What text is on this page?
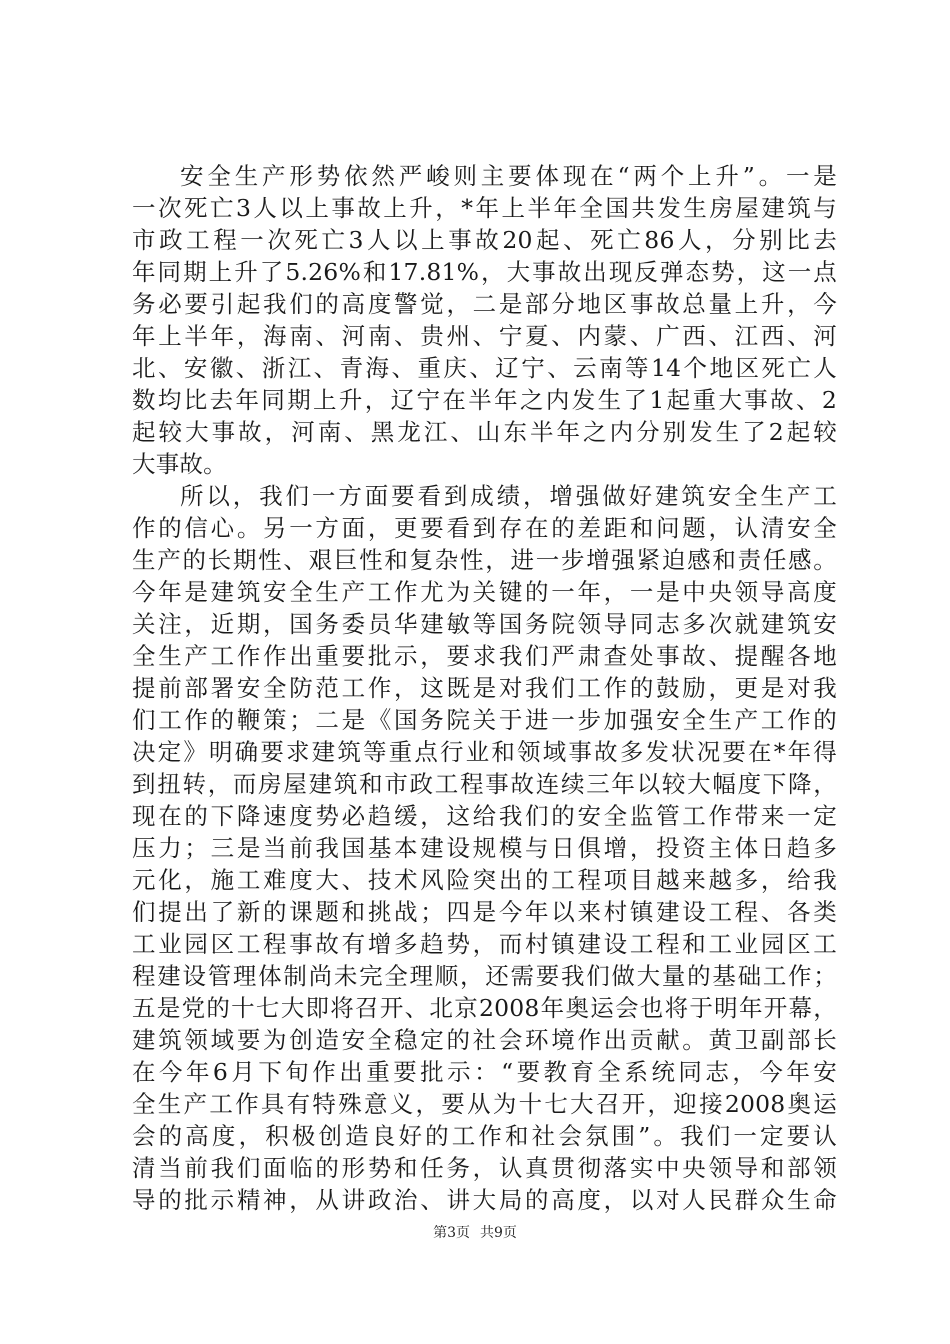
安全生产形势依然严峻则主要体现在“两个上升”。一是
一次死亡3人以上事故上升，*年上半年全国共发生房屋建筑与
市政工程一次死亡3人以上事故20起、死亡86人，分别比去
年同期上升了5.26%和17.81%，大事故出现反弹态势，这一点
务必要引起我们的高度警觉，二是部分地区事故总量上升，今
年上半年，海南、河南、贵州、宁夏、内蒙、广西、江西、河
北、安徽、浙江、青海、重庆、辽宁、云南等14个地区死亡人
数均比去年同期上升，辽宁在半年之内发生了1起重大事故、2
起较大事故，河南、黑龙江、山东半年之内分别发生了2起较
大事故。
所以，我们一方面要看到成绩，增强做好建筑安全生产工
作的信心。另一方面，更要看到存在的差距和问题，认清安全
生产的长期性、艰巨性和复杂性，进一步增强紧迫感和责任感。
今年是建筑安全生产工作尤为关键的一年，一是中央领导高度
关注，近期，国务委员华建敏等国务院领导同志多次就建筑安
全生产工作作出重要批示，要求我们严肃查处事故、提醒各地
提前部署安全防范工作，这既是对我们工作的鼓励，更是对我
们工作的鞭策；二是《国务院关于进一步加强安全生产工作的
决定》明确要求建筑等重点行业和领域事故多发状况要在*年得
到扭转，而房屋建筑和市政工程事故连续三年以较大幅度下降，
现在的下降速度势必趋缓，这给我们的安全监管工作带来一定
压力；三是当前我国基本建设规模与日俱增，投资主体日趋多
元化，施工难度大、技术风险突出的工程项目越来越多，给我
们提出了新的课题和挑战；四是今年以来村镇建设工程、各类
工业园区工程事故有增多趋势，而村镇建设工程和工业园区工
程建设管理体制尚未完全理顺，还需要我们做大量的基础工作；
五是党的十七大即将召开、北京2008年奥运会也将于明年开幕，
建筑领域要为创造安全稳定的社会环境作出贡献。黄卫副部长
在今年6月下旬作出重要批示：“要教育全系统同志，今年安
全生产工作具有特殊意义，要从为十七大召开，迎接2008奥运
会的高度，积极创造良好的工作和社会氛围”。我们一定要认
清当前我们面临的形势和任务，认真贯彻落实中央领导和部领
导的批示精神，从讲政治、讲大局的高度，以对人民群众生命
第3页 共9页
